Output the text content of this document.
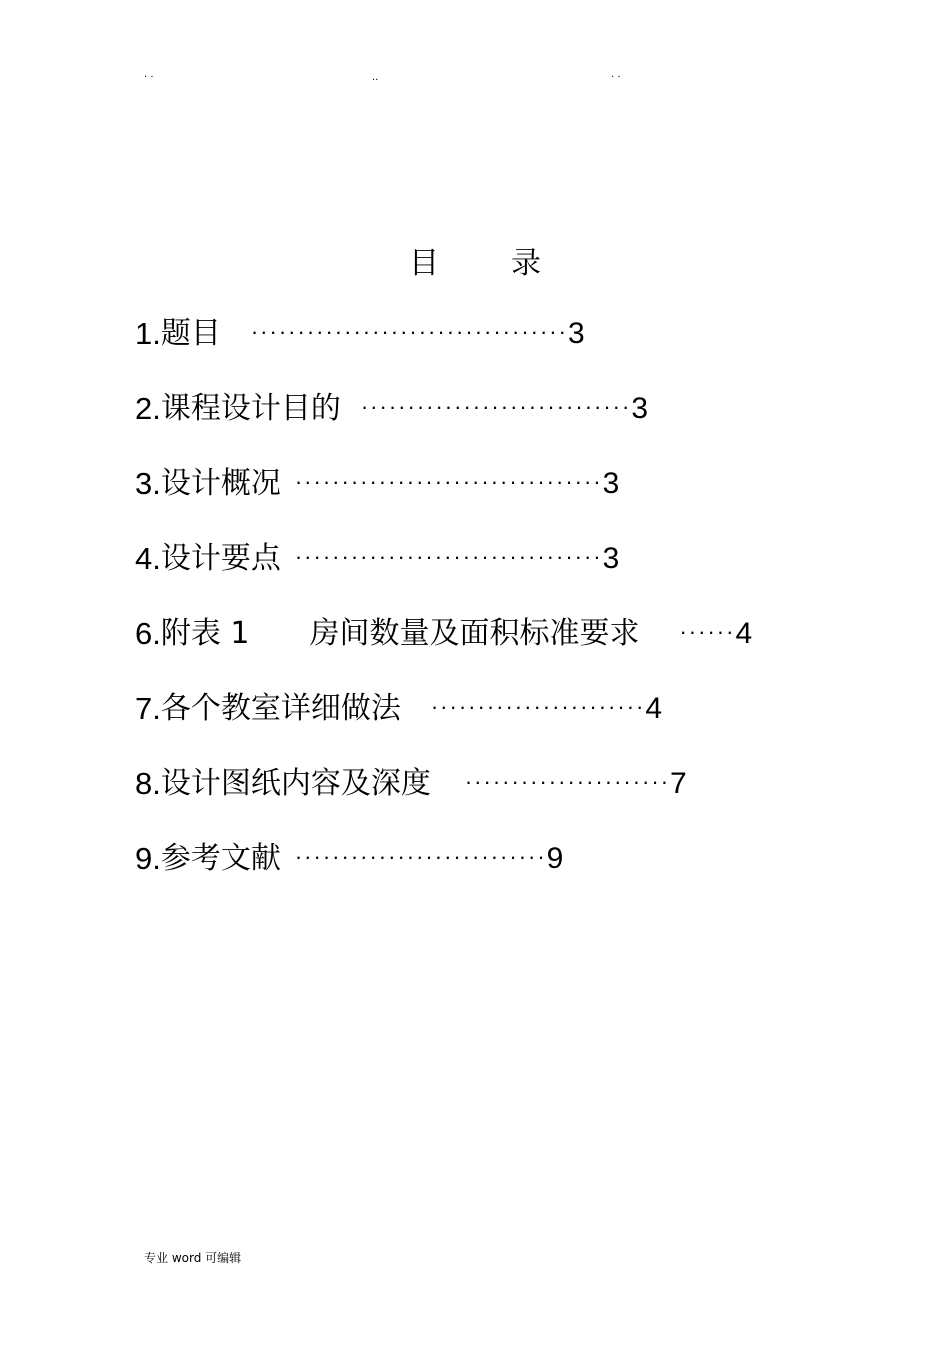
· ·	..	· ·
目 录
1. 题目 ·································· 3
2. 课程设计目的 ····························· 3
3. 设计概况 ································· 3
4. 设计要点 ································· 3
6. 附表 1　　房间数量及面积标准要求 ······ 4
7. 各个教室详细做法 ······················· 4
8. 设计图纸内容及深度 ······················ 7
9. 参考文献 ··························· 9
专业 word 可编辑
